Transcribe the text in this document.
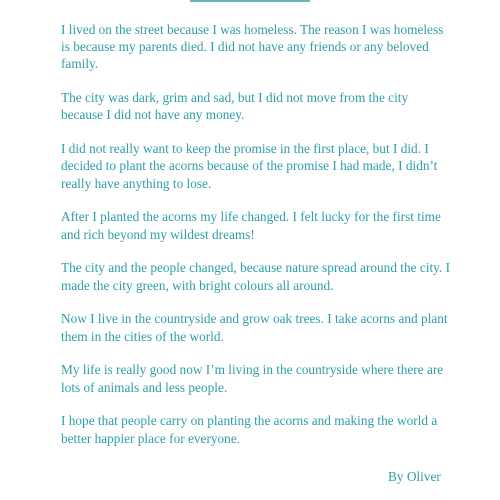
I lived on the street because I was homeless. The reason I was homeless is because my parents died. I did not have any friends or any beloved family.

The city was dark, grim and sad, but I did not move from the city because I did not have any money.

I did not really want to keep the promise in the first place, but I did. I decided to plant the acorns because of the promise I had made, I didn’t really have anything to lose.

After I planted the acorns my life changed. I felt lucky for the first time and rich beyond my wildest dreams!

The city and the people changed, because nature spread around the city. I made the city green, with bright colours all around.

Now I live in the countryside and grow oak trees. I take acorns and plant them in the cities of the world.

My life is really good now I’m living in the countryside where there are lots of animals and less people.

I hope that people carry on planting the acorns and making the world a better happier place for everyone.

By Oliver
